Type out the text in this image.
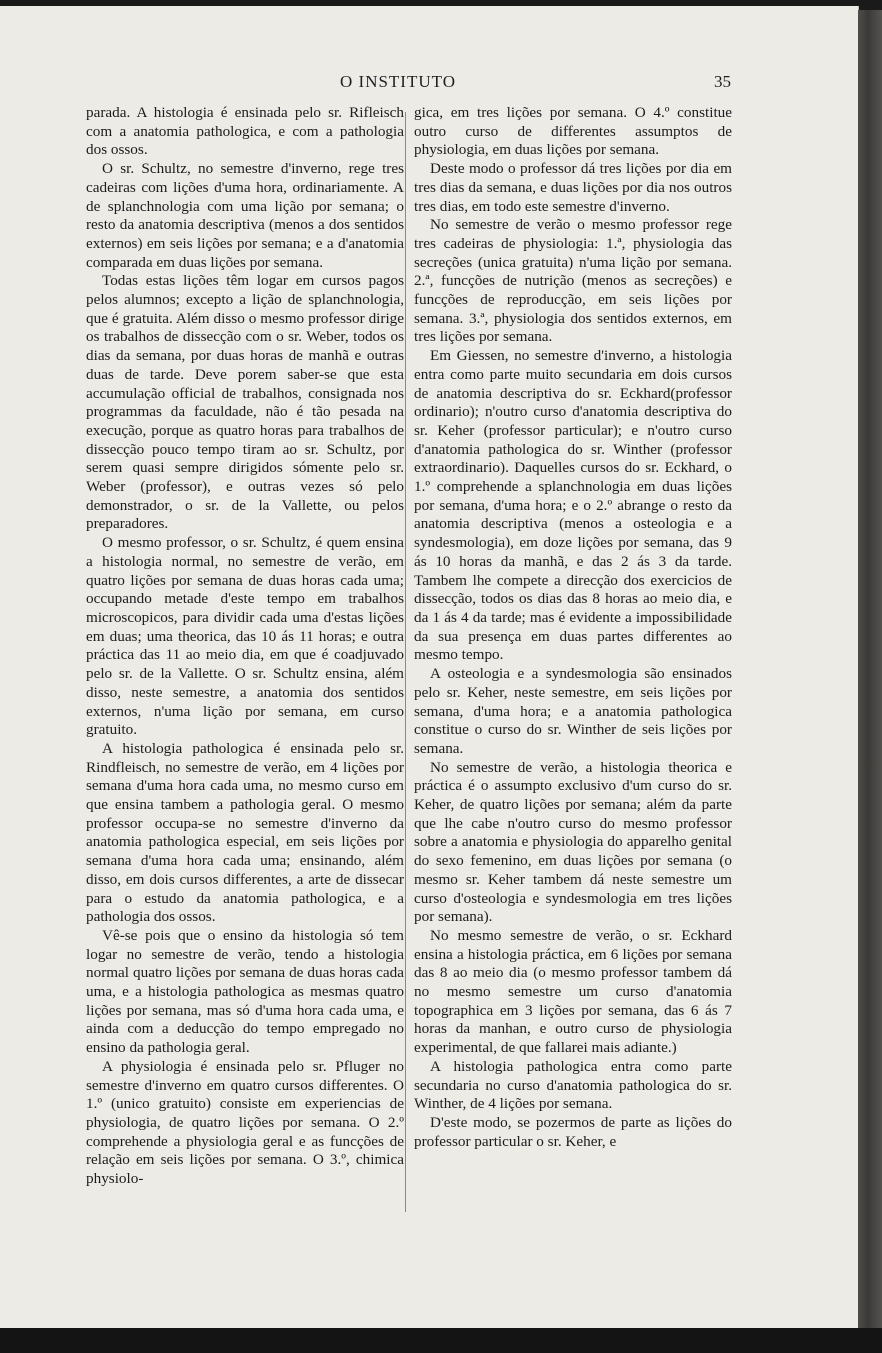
O INSTITUTO	35

parada. A histologia é ensinada pelo sr. Rifleisch com a anatomia pathologica, e com a pathologia dos ossos.

O sr. Schultz, no semestre d'inverno, rege tres cadeiras com lições d'uma hora, ordinariamente. A de splanchnologia com uma lição por semana; o resto da anatomia descriptiva (menos a dos sentidos externos) em seis lições por semana; e a d'anatomia comparada em duas lições por semana.

Todas estas lições têm logar em cursos pagos pelos alumnos; excepto a lição de splanchnologia, que é gratuita. Além disso o mesmo professor dirige os trabalhos de dissecção com o sr. Weber, todos os dias da semana, por duas horas de manhã e outras duas de tarde. Deve porem saber-se que esta accumulação official de trabalhos, consignada nos programmas da faculdade, não é tão pesada na execução, porque as quatro horas para trabalhos de dissecção pouco tempo tiram ao sr. Schultz, por serem quasi sempre dirigidos sómente pelo sr. Weber (professor), e outras vezes só pelo demonstrador, o sr. de la Vallette, ou pelos preparadores.

O mesmo professor, o sr. Schultz, é quem ensina a histologia normal, no semestre de verão, em quatro lições por semana de duas horas cada uma; occupando metade d'este tempo em trabalhos microscopicos, para dividir cada uma d'estas lições em duas; uma theorica, das 10 ás 11 horas; e outra práctica das 11 ao meio dia, em que é coadjuvado pelo sr. de la Vallette. O sr. Schultz ensina, além disso, neste semestre, a anatomia dos sentidos externos, n'uma lição por semana, em curso gratuito.

A histologia pathologica é ensinada pelo sr. Rindfleisch, no semestre de verão, em 4 lições por semana d'uma hora cada uma, no mesmo curso em que ensina tambem a pathologia geral. O mesmo professor occupa-se no semestre d'inverno da anatomia pathologica especial, em seis lições por semana d'uma hora cada uma; ensinando, além disso, em dois cursos differentes, a arte de dissecar para o estudo da anatomia pathologica, e a pathologia dos ossos.

Vê-se pois que o ensino da histologia só tem logar no semestre de verão, tendo a histologia normal quatro lições por semana de duas horas cada uma, e a histologia pathologica as mesmas quatro lições por semana, mas só d'uma hora cada uma, e ainda com a deducção do tempo empregado no ensino da pathologia geral.

A physiologia é ensinada pelo sr. Pfluger no semestre d'inverno em quatro cursos differentes. O 1.º (unico gratuito) consiste em experiencias de physiologia, de quatro lições por semana. O 2.º comprehende a physiologia geral e as funcções de relação em seis lições por semana. O 3.º, chimica physiolo-

gica, em tres lições por semana. O 4.º constitue outro curso de differentes assumptos de physiologia, em duas lições por semana.

Deste modo o professor dá tres lições por dia em tres dias da semana, e duas lições por dia nos outros tres dias, em todo este semestre d'inverno.

No semestre de verão o mesmo professor rege tres cadeiras de physiologia: 1.ª, physiologia das secreções (unica gratuita) n'uma lição por semana. 2.ª, funcções de nutrição (menos as secreções) e funcções de reproducção, em seis lições por semana. 3.ª, physiologia dos sentidos externos, em tres lições por semana.

Em Giessen, no semestre d'inverno, a histologia entra como parte muito secundaria em dois cursos de anatomia descriptiva do sr. Eckhard(professor ordinario); n'outro curso d'anatomia descriptiva do sr. Keher (professor particular); e n'outro curso d'anatomia pathologica do sr. Winther (professor extraordinario). Daquelles cursos do sr. Eckhard, o 1.º comprehende a splanchnologia em duas lições por semana, d'uma hora; e o 2.º abrange o resto da anatomia descriptiva (menos a osteologia e a syndesmologia), em doze lições por semana, das 9 ás 10 horas da manhã, e das 2 ás 3 da tarde. Tambem lhe compete a direcção dos exercicios de dissecção, todos os dias das 8 horas ao meio dia, e da 1 ás 4 da tarde; mas é evidente a impossibilidade da sua presença em duas partes differentes ao mesmo tempo.

A osteologia e a syndesmologia são ensinados pelo sr. Keher, neste semestre, em seis lições por semana, d'uma hora; e a anatomia pathologica constitue o curso do sr. Winther de seis lições por semana.

No semestre de verão, a histologia theorica e práctica é o assumpto exclusivo d'um curso do sr. Keher, de quatro lições por semana; além da parte que lhe cabe n'outro curso do mesmo professor sobre a anatomia e physiologia do apparelho genital do sexo femenino, em duas lições por semana (o mesmo sr. Keher tambem dá neste semestre um curso d'osteologia e syndesmologia em tres lições por semana).

No mesmo semestre de verão, o sr. Eckhard ensina a histologia práctica, em 6 lições por semana das 8 ao meio dia (o mesmo professor tambem dá no mesmo semestre um curso d'anatomia topographica em 3 lições por semana, das 6 ás 7 horas da manhan, e outro curso de physiologia experimental, de que fallarei mais adiante.)

A histologia pathologica entra como parte secundaria no curso d'anatomia pathologica do sr. Winther, de 4 lições por semana.

D'este modo, se pozermos de parte as lições do professor particular o sr. Keher, e
